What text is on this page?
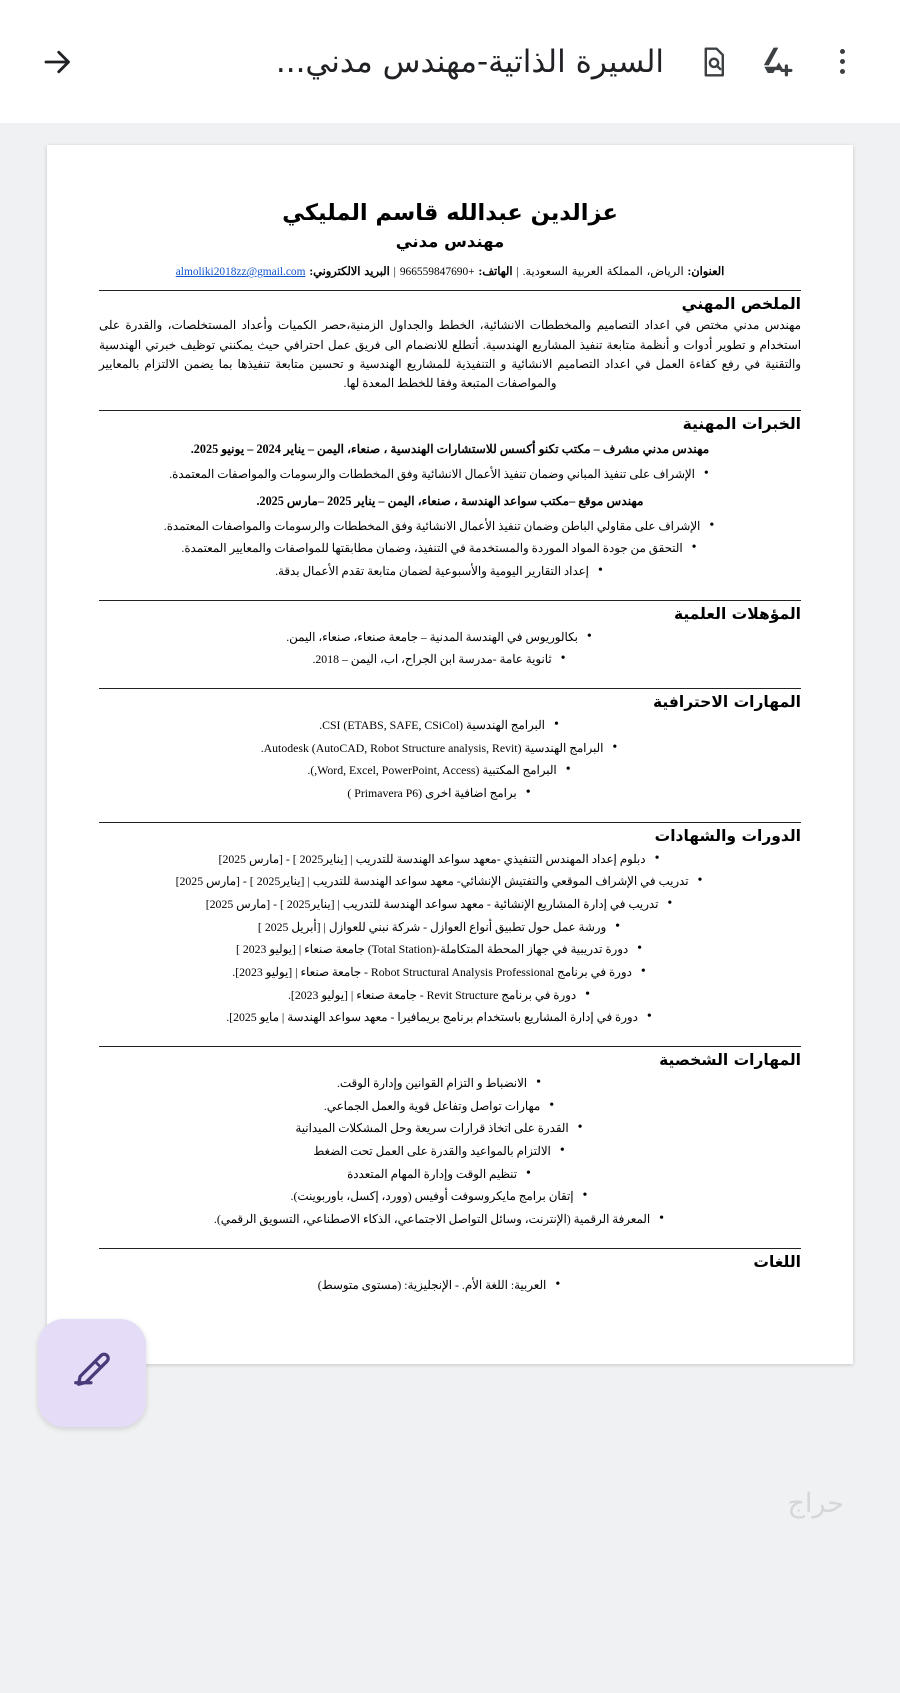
السيرة الذاتية-مهندس مدني...
عزالدين عبدالله قاسم المليكي
مهندس مدني
العنوان: الرياض، المملكة العربية السعودية. | الهاتف: +966559847690 | البريد الالكتروني: almoliki2018zz@gmail.com
الملخص المهني

مهندس مدني مختص في اعداد التصاميم والمخططات الانشائية، الخطط والجداول الزمنية،حصر الكميات وأعداد المستخلصات، والقدرة على استخدام و تطوير أدوات و أنظمة متابعة تنفيذ المشاريع الهندسية. أتطلع للانضمام الى فريق عمل احترافي حيث يمكنني توظيف خبرتي الهندسية والتقنية في رفع كفاءة العمل في اعداد التصاميم الانشائية و التنفيذية للمشاريع الهندسية و تحسين متابعة تنفيذها بما يضمن الالتزام بالمعايير والمواصفات المتبعة وفقا للخطط المعدة لها.

الخبرات المهنية
مهندس مدني مشرف – مكتب تكنو أكسس للاستشارات الهندسية ، صنعاء، اليمن – يناير 2024 – يونيو 2025.
• الإشراف على تنفيذ المباني وضمان تنفيذ الأعمال الانشائية وفق المخططات والرسومات والمواصفات المعتمدة.
مهندس موقع –مكتب سواعد الهندسة ، صنعاء، اليمن – يناير 2025 –مارس 2025.
• الإشراف على مقاولي الباطن وضمان تنفيذ الأعمال الانشائية وفق المخططات والرسومات والمواصفات المعتمدة.
• التحقق من جودة المواد الموردة والمستخدمة في التنفيذ، وضمان مطابقتها للمواصفات والمعايير المعتمدة.
• إعداد التقارير اليومية والأسبوعية لضمان متابعة تقدم الأعمال بدقة.
المؤهلات العلمية
• بكالوريوس في الهندسة المدنية – جامعة صنعاء، صنعاء، اليمن.
• ثانوية عامة -مدرسة ابن الجراح، اب، اليمن – 2018.
المهارات الاحترافية
• البرامج الهندسية CSI (ETABS, SAFE, CSiCol).
• البرامج الهندسية Autodesk (AutoCAD, Robot Structure analysis, Revit).
• البرامج المكتبية (Word, Excel, PowerPoint, Access,).
• برامج اضافية اخرى (Primavera P6 )
الدورات والشهادات
• دبلوم إعداد المهندس التنفيذي -معهد سواعد الهندسة للتدريب | [يناير2025 ] - [مارس 2025]
• تدريب في الإشراف الموقعي والتفتيش الإنشائي- معهد سواعد الهندسة للتدريب | [يناير2025 ] - [مارس 2025]
• تدريب في إدارة المشاريع الإنشائية - معهد سواعد الهندسة للتدريب | [يناير2025 ] - [مارس 2025]
• ورشة عمل حول تطبيق أنواع العوازل - شركة نبني للعوازل | [أبريل 2025 ]
• دورة تدريبية في جهاز المحطة المتكاملة-(Total Station) جامعة صنعاء | [يوليو 2023 ]
• دورة في برنامج Robot Structural Analysis Professional - جامعة صنعاء | [يوليو 2023].
• دورة في برنامج Revit Structure - جامعة صنعاء | [يوليو 2023].
• دورة في إدارة المشاريع باستخدام برنامج بريمافيرا - معهد سواعد الهندسة | مايو 2025].
المهارات الشخصية
• الانضباط و التزام القوانين وإدارة الوقت.
• مهارات تواصل وتفاعل قوية والعمل الجماعي.
• القدرة على اتخاذ قرارات سريعة وحل المشكلات الميدانية
• الالتزام بالمواعيد والقدرة على العمل تحت الضغط
• تنظيم الوقت وإدارة المهام المتعددة
• إتقان برامج مايكروسوفت أوفيس (وورد، إكسل، باوربوينت).
• المعرفة الرقمية (الإنترنت، وسائل التواصل الاجتماعي، الذكاء الاصطناعي، التسويق الرقمي).
اللغات
• العربية: اللغة الأم. - الإنجليزية: (مستوى متوسط)
حراج
